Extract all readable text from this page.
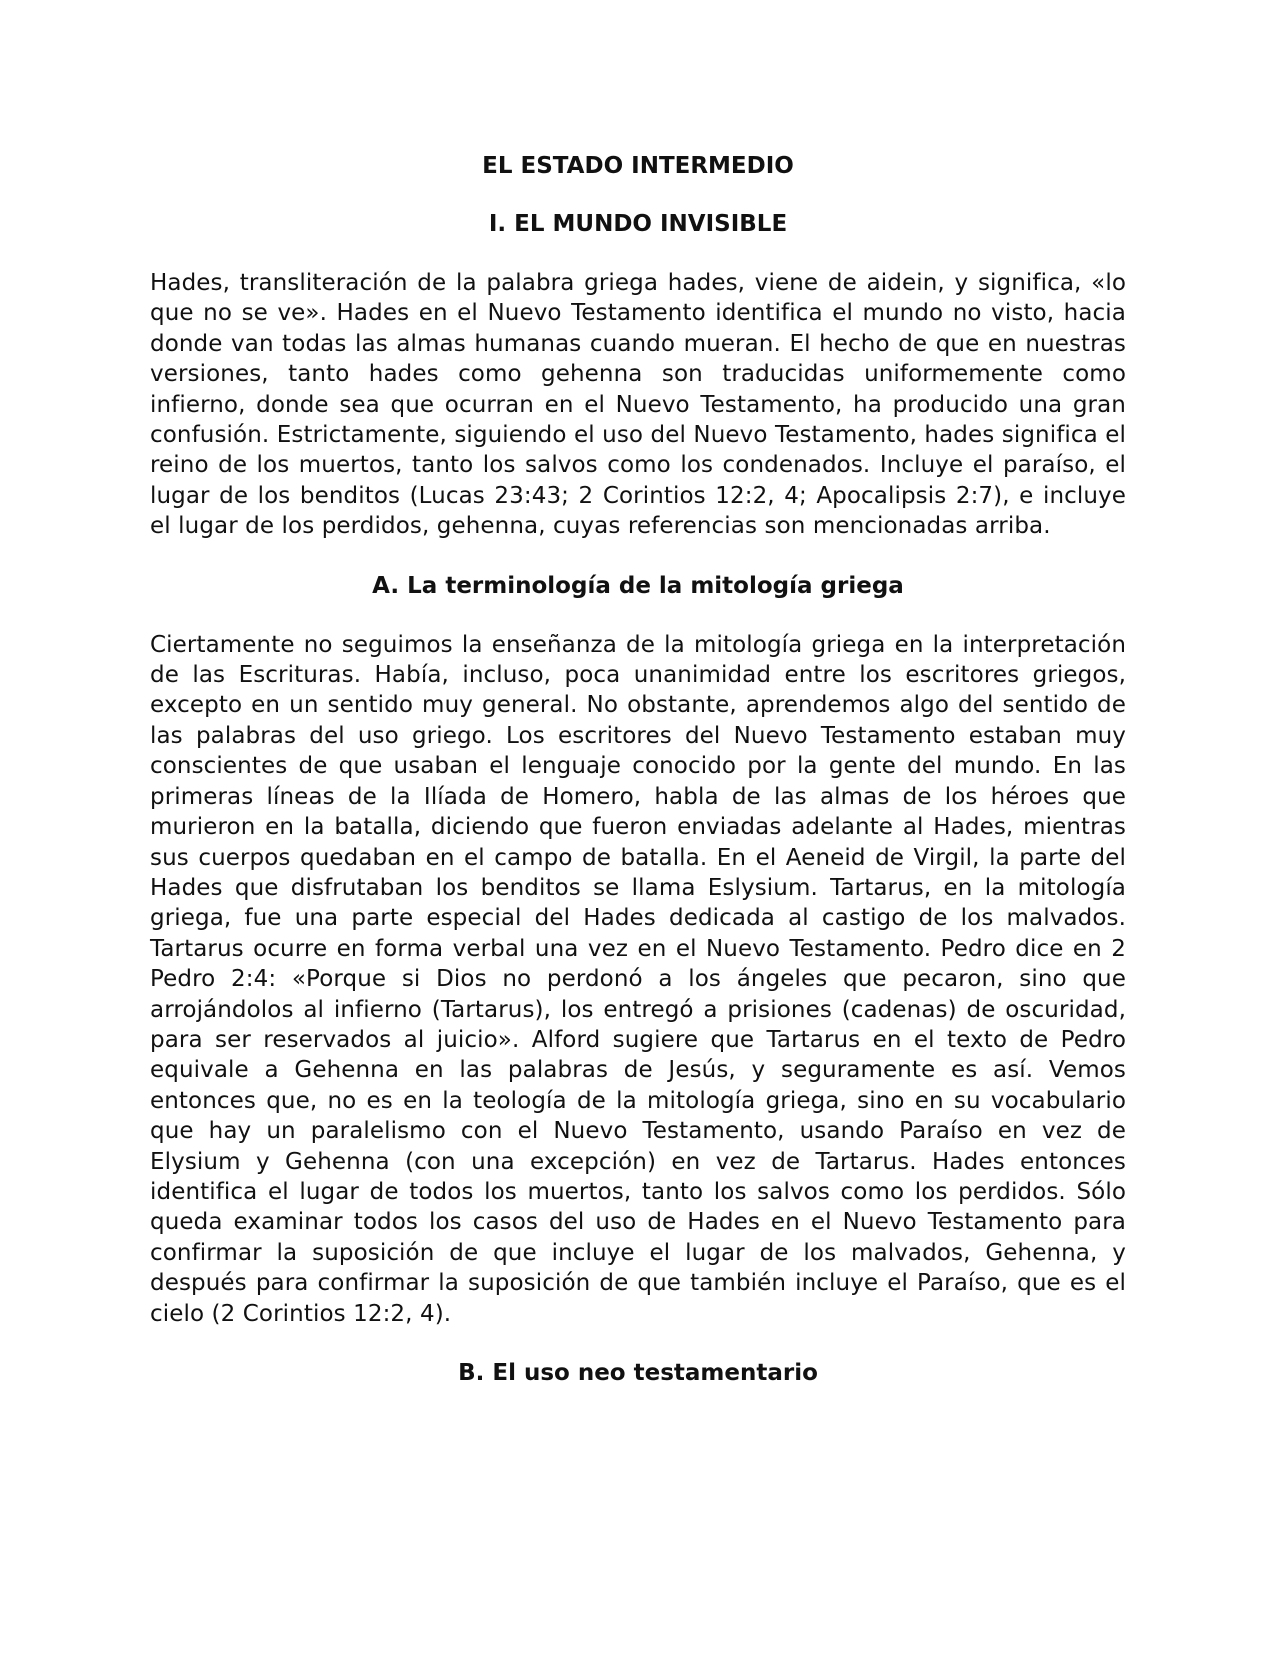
EL ESTADO INTERMEDIO
I. EL MUNDO INVISIBLE

Hades, transliteración de la palabra griega hades, viene de aidein, y significa, «lo que no se ve». Hades en el Nuevo Testamento identifica el mundo no visto, hacia donde van todas las almas humanas cuando mueran. El hecho de que en nuestras versiones, tanto hades como gehenna son traducidas uniformemente como infierno, donde sea que ocurran en el Nuevo Testamento, ha producido una gran confusión. Estrictamente, siguiendo el uso del Nuevo Testamento, hades significa el reino de los muertos, tanto los salvos como los condenados. Incluye el paraíso, el lugar de los benditos (Lucas 23:43; 2 Corintios 12:2, 4; Apocalipsis 2:7), e incluye el lugar de los perdidos, gehenna, cuyas referencias son mencionadas arriba.

A. La terminología de la mitología griega

Ciertamente no seguimos la enseñanza de la mitología griega en la interpretación de las Escrituras. Había, incluso, poca unanimidad entre los escritores griegos, excepto en un sentido muy general. No obstante, aprendemos algo del sentido de las palabras del uso griego. Los escritores del Nuevo Testamento estaban muy conscientes de que usaban el lenguaje conocido por la gente del mundo. En las primeras líneas de la Ilíada de Homero, habla de las almas de los héroes que murieron en la batalla, diciendo que fueron enviadas adelante al Hades, mientras sus cuerpos quedaban en el campo de batalla. En el Aeneid de Virgil, la parte del Hades que disfrutaban los benditos se llama Eslysium. Tartarus, en la mitología griega, fue una parte especial del Hades dedicada al castigo de los malvados. Tartarus ocurre en forma verbal una vez en el Nuevo Testamento. Pedro dice en 2 Pedro 2:4: «Porque si Dios no perdonó a los ángeles que pecaron, sino que arrojándolos al infierno (Tartarus), los entregó a prisiones (cadenas) de oscuridad, para ser reservados al juicio». Alford sugiere que Tartarus en el texto de Pedro equivale a Gehenna en las palabras de Jesús, y seguramente es así. Vemos entonces que, no es en la teología de la mitología griega, sino en su vocabulario que hay un paralelismo con el Nuevo Testamento, usando Paraíso en vez de Elysium y Gehenna (con una excepción) en vez de Tartarus. Hades entonces identifica el lugar de todos los muertos, tanto los salvos como los perdidos. Sólo queda examinar todos los casos del uso de Hades en el Nuevo Testamento para confirmar la suposición de que incluye el lugar de los malvados, Gehenna, y después para confirmar la suposición de que también incluye el Paraíso, que es el cielo (2 Corintios 12:2, 4).

B. El uso neo testamentario
